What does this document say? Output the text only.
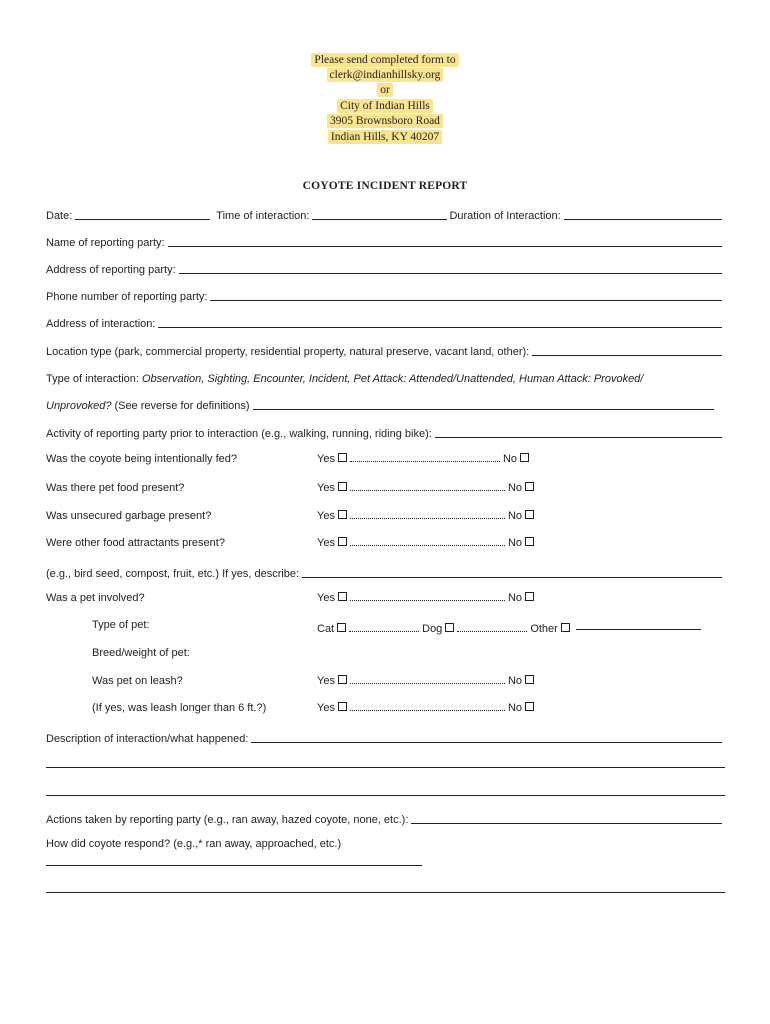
Please send completed form to
clerk@indianhillsky.org
or
City of Indian Hills
3905 Brownsboro Road
Indian Hills, KY 40207
COYOTE INCIDENT REPORT
Date:	Time of interaction:	Duration of Interaction:
Name of reporting party:
Address of reporting party:
Phone number of reporting party:
Address of interaction:
Location type (park, commercial property, residential property, natural preserve, vacant land, other):
Type of interaction: Observation, Sighting, Encounter, Incident, Pet Attack: Attended/Unattended, Human Attack: Provoked/
Unprovoked? (See reverse for definitions)
Activity of reporting party prior to interaction (e.g., walking, running, riding bike):
Was the coyote being intentionally fed?	Yes	No
Was there pet food present?	Yes	No
Was unsecured garbage present?	Yes	No
Were other food attractants present?	Yes	No
(e.g., bird seed, compost, fruit, etc.) If yes, describe:
Was a pet involved?	Yes	No
Type of pet:	Cat	Dog	Other
Breed/weight of pet:
Was pet on leash?	Yes	No
(If yes, was leash longer than 6 ft.?)	Yes	No
Description of interaction/what happened:
Actions taken by reporting party (e.g., ran away, hazed coyote, none, etc.):
How did coyote respond? (e.g.,* ran away, approached, etc.)
